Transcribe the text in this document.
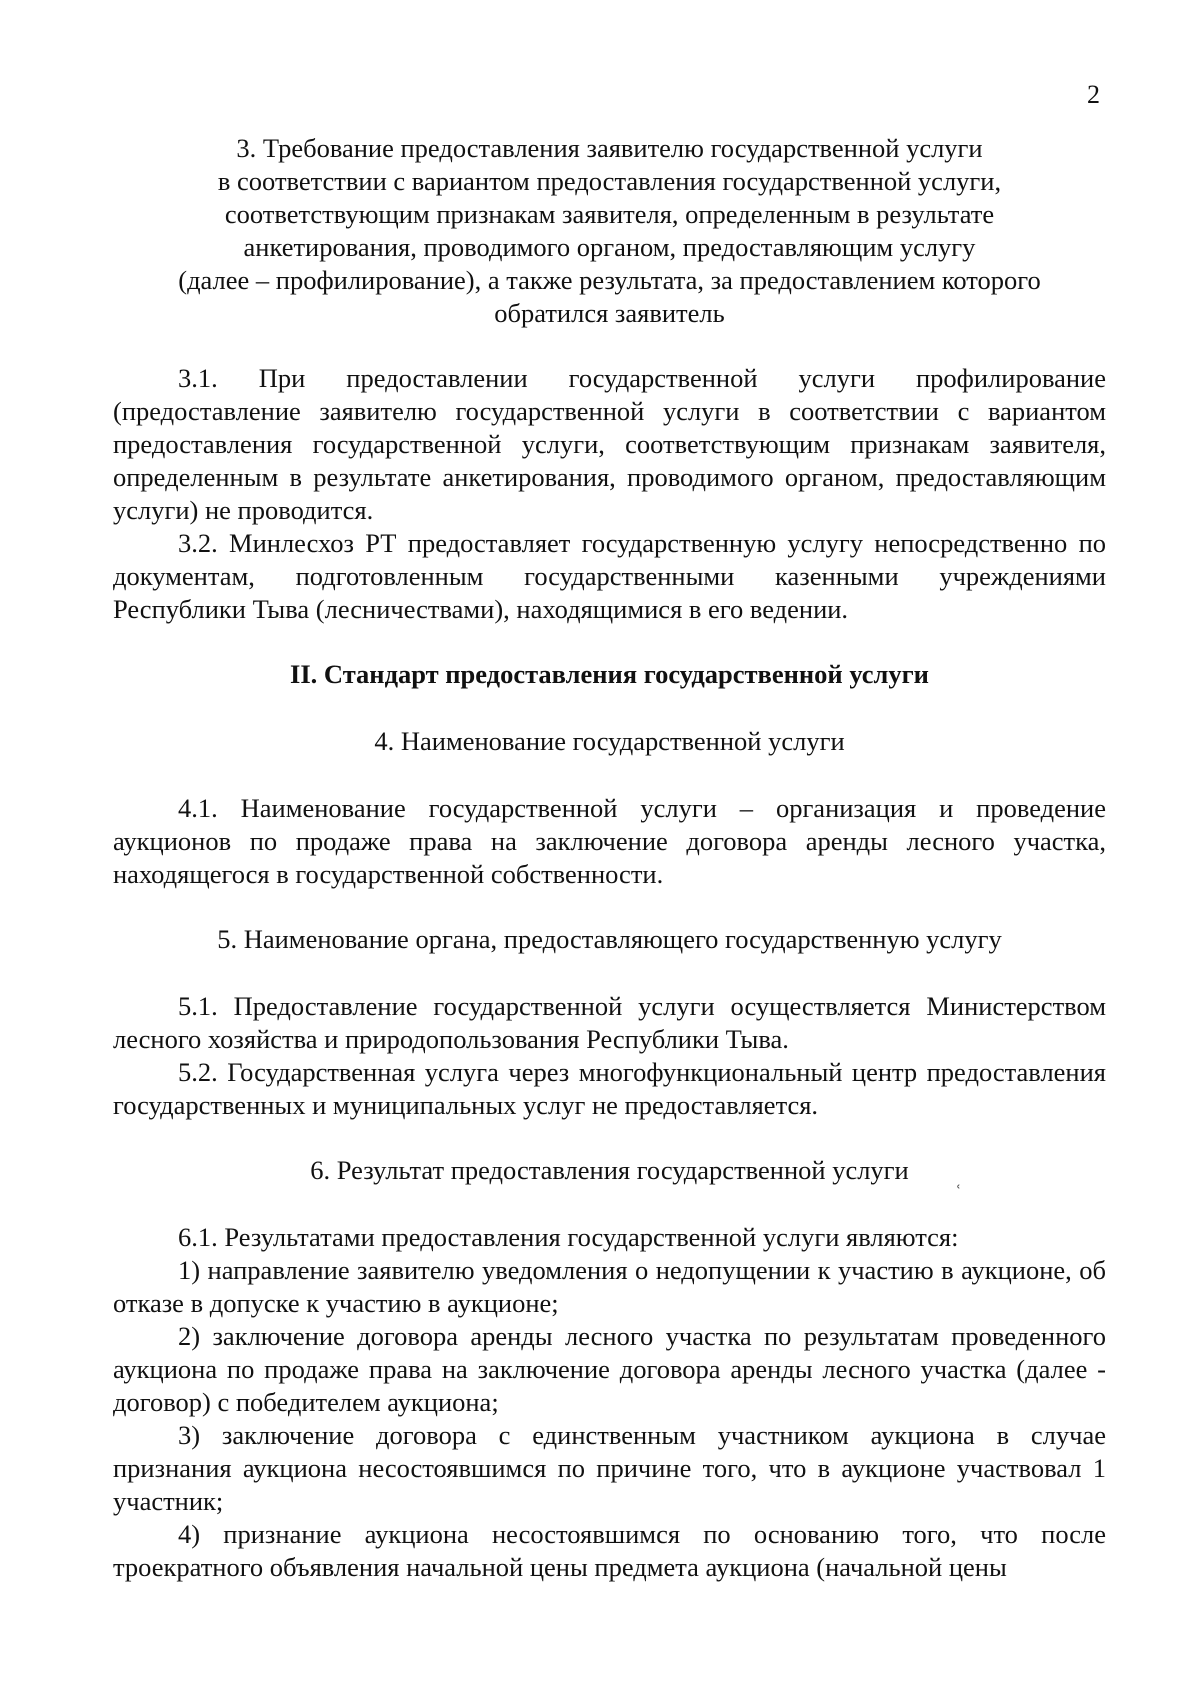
2
3. Требование предоставления заявителю государственной услуги
в соответствии с вариантом предоставления государственной услуги,
соответствующим признакам заявителя, определенным в результате
анкетирования, проводимого органом, предоставляющим услугу
(далее – профилирование), а также результата, за предоставлением которого
обратился заявитель

3.1. При предоставлении государственной услуги профилирование (предоставление заявителю государственной услуги в соответствии с вариантом предоставления государственной услуги, соответствующим признакам заявителя, определенным в результате анкетирования, проводимого органом, предоставляющим услуги) не проводится.

3.2. Минлесхоз РТ предоставляет государственную услугу непосредственно по документам, подготовленным государственными казенными учреждениями Республики Тыва (лесничествами), находящимися в его ведении.

II. Стандарт предоставления государственной услуги

4. Наименование государственной услуги

4.1. Наименование государственной услуги – организация и проведение аукционов по продаже права на заключение договора аренды лесного участка, находящегося в государственной собственности.

5. Наименование органа, предоставляющего государственную услугу

5.1. Предоставление государственной услуги осуществляется Министерством лесного хозяйства и природопользования Республики Тыва.

5.2. Государственная услуга через многофункциональный центр предоставления государственных и муниципальных услуг не предоставляется.

6. Результат предоставления государственной услуги

6.1. Результатами предоставления государственной услуги являются:

1) направление заявителю уведомления о недопущении к участию в аукционе, об отказе в допуске к участию в аукционе;

2) заключение договора аренды лесного участка по результатам проведенного аукциона по продаже права на заключение договора аренды лесного участка (далее - договор) с победителем аукциона;

3) заключение договора с единственным участником аукциона в случае признания аукциона несостоявшимся по причине того, что в аукционе участвовал 1 участник;

4) признание аукциона несостоявшимся по основанию того, что после троекратного объявления начальной цены предмета аукциона (начальной цены

ʿ
